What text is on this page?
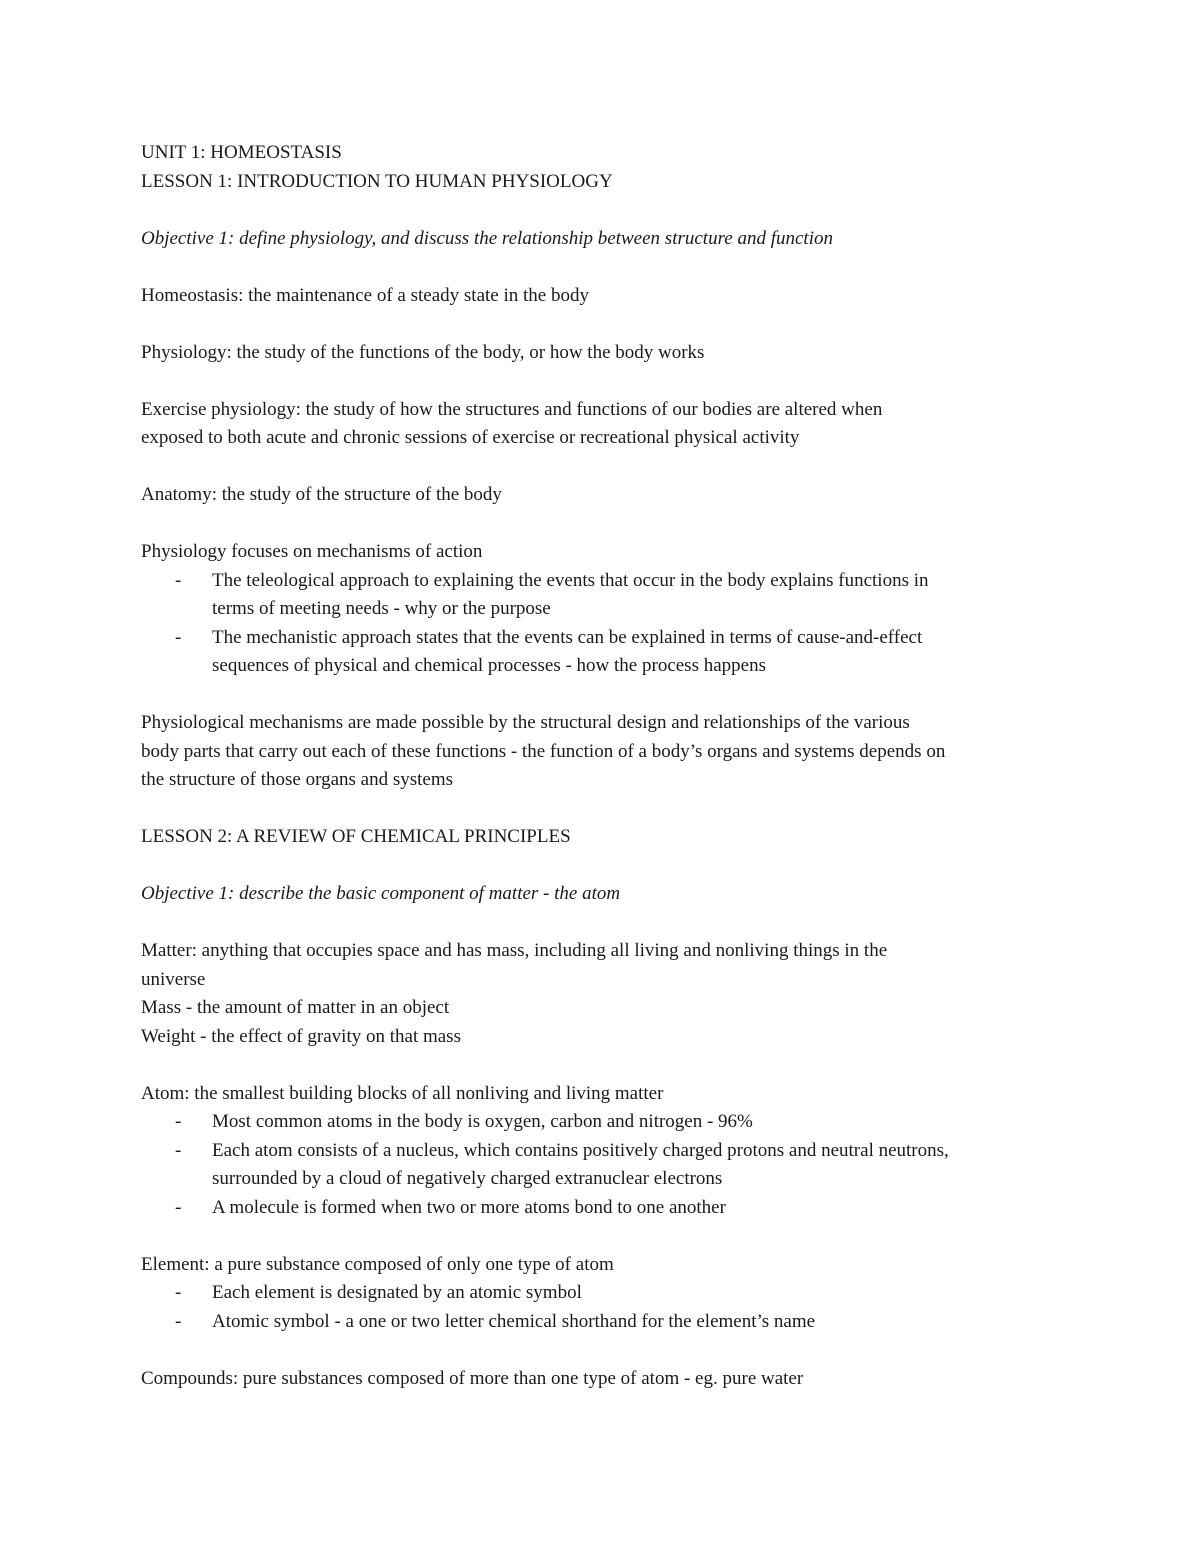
UNIT 1: HOMEOSTASIS

LESSON 1: INTRODUCTION TO HUMAN PHYSIOLOGY

Objective 1: define physiology, and discuss the relationship between structure and function

Homeostasis: the maintenance of a steady state in the body

Physiology: the study of the functions of the body, or how the body works

Exercise physiology: the study of how the structures and functions of our bodies are altered when

exposed to both acute and chronic sessions of exercise or recreational physical activity

Anatomy: the study of the structure of the body

Physiology focuses on mechanisms of action

- The teleological approach to explaining the events that occur in the body explains functions in
terms of meeting needs - why or the purpose
- The mechanistic approach states that the events can be explained in terms of cause-and-effect
sequences of physical and chemical processes - how the process happens

Physiological mechanisms are made possible by the structural design and relationships of the various

body parts that carry out each of these functions - the function of a body’s organs and systems depends on

the structure of those organs and systems

LESSON 2: A REVIEW OF CHEMICAL PRINCIPLES

Objective 1: describe the basic component of matter - the atom

Matter: anything that occupies space and has mass, including all living and nonliving things in the

universe

Mass - the amount of matter in an object

Weight - the effect of gravity on that mass

Atom: the smallest building blocks of all nonliving and living matter

- Most common atoms in the body is oxygen, carbon and nitrogen - 96%
- Each atom consists of a nucleus, which contains positively charged protons and neutral neutrons,
surrounded by a cloud of negatively charged extranuclear electrons
- A molecule is formed when two or more atoms bond to one another

Element: a pure substance composed of only one type of atom

- Each element is designated by an atomic symbol
- Atomic symbol - a one or two letter chemical shorthand for the element’s name

Compounds: pure substances composed of more than one type of atom - eg. pure water
